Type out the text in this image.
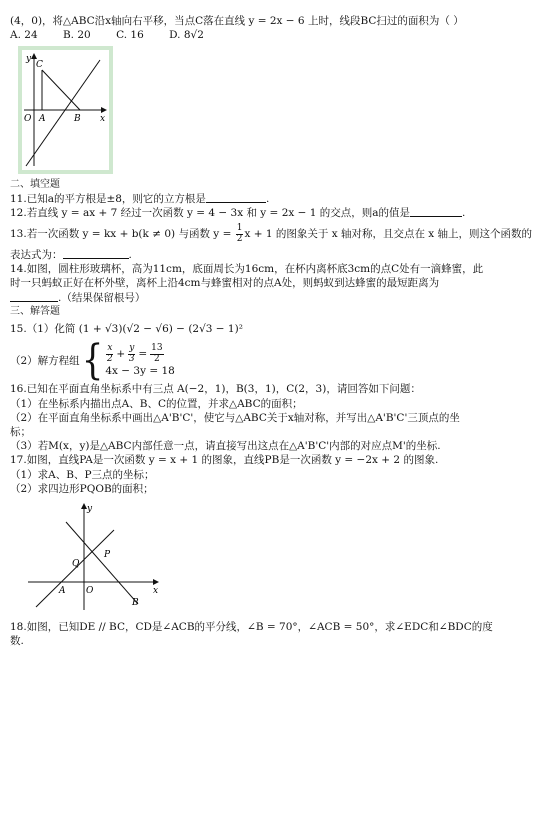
(4，0)，将△ABC沿x轴向右平移，当点C落在直线 y = 2x − 6 上时，线段BC扫过的面积为（ ）

A. 24 B. 20 C. 16 D. 8√2

y
C
O A	B x

二、填空题

11.已知a的平方根是±8，则它的立方根是	.

12.若直线 y = ax + 7 经过一次函数 y = 4 − 3x 和 y = 2x − 1 的交点，则a的值是	.

13.若一次函数 y = kx + b(k ≠ 0) 与函数 $y = \frac{1}{2}$ x + 1 的图象关于 x 轴对称，且交点在 x 轴上，则这个函数的

表达式为：	.

14.如图，圆柱形玻璃杯，高为11cm，底面周长为16cm，在杯内离杯底3cm的点C处有一滴蜂蜜，此

时一只蚂蚁正好在杯外壁，离杯上沿4cm与蜂蜜相对的点A处，则蚂蚁到达蜂蜜的最短距离为

.（结果保留根号）

三、解答题

15.（1）化简 (1 + √3)(√2 − √6) − (2√3 − 1)²

（2）解方程组 { $\frac{x}{2} + \frac{y}{3} = \frac{13}{2}$
4x − 3y = 18

16.已知在平面直角坐标系中有三点 A(−2，1)，B(3，1)，C(2，3)，请回答如下问题：

（1）在坐标系内描出点A、B、C的位置，并求△ABC的面积；

（2）在平面直角坐标系中画出△A'B'C'，使它与△ABC关于x轴对称，并写出△A'B'C'三顶点的坐

标；

（3）若M(x，y)是△ABC内部任意一点，请直接写出这点在△A'B'C'内部的对应点M'的坐标.

17.如图，直线PA是一次函数 y = x + 1 的图象，直线PB是一次函数 y = −2x + 2 的图象.

（1）求A、B、P三点的坐标；

（2）求四边形PQOB的面积；

y
P
Q
A O
B
x

18.如图，已知DE // BC，CD是∠ACB的平分线，∠B = 70°，∠ACB = 50°，求∠EDC和∠BDC的度

数.
